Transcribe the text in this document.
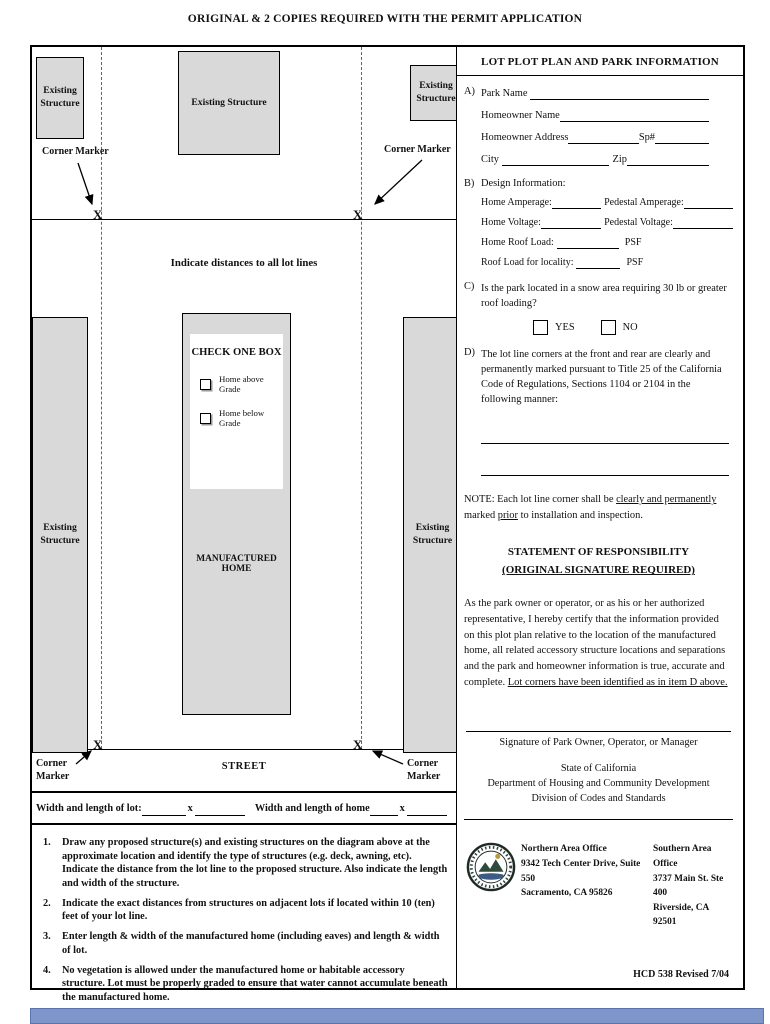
ORIGINAL & 2 COPIES REQUIRED WITH THE PERMIT APPLICATION
Existing Structure	Existing Structure
Existing Structure
Existing Structure
Existing Structure
Corner Marker	Corner Marker
X	X
X	X
Indicate distances to all lot lines
CHECK ONE BOX
Home above Grade
Home below Grade
MANUFACTURED HOME
Corner
Marker
Corner
Marker
STREET
Width and length of lot:	x	Width and length of home	x
1.	Draw any proposed structure(s) and existing structures on the diagram above at the approximate location and identify the type of structures (e.g. deck, awning, etc). Indicate the distance from the lot line to the proposed structure. Also indicate the length and width of the structure.
2.	Indicate the exact distances from structures on adjacent lots if located within 10 (ten) feet of your lot line.
3.	Enter length & width of the manufactured home (including eaves) and length & width of lot.
4.	No vegetation is allowed under the manufactured home or habitable accessory structure. Lot must be properly graded to ensure that water cannot accumulate beneath the manufactured home.
LOT PLOT PLAN AND PARK INFORMATION
A) Park Name
Homeowner Name
Homeowner Address	Sp#
City	Zip
B) Design Information:
Home Amperage:	Pedestal Amperage:
Home Voltage:	Pedestal Voltage:
Home Roof Load:	PSF
Roof Load for locality:	PSF
C) Is the park located in a snow area requiring 30 lb or greater roof loading?
YES	NO
D) The lot line corners at the front and rear are clearly and permanently marked pursuant to Title 25 of the California Code of Regulations, Sections 1104 or 2104 in the following manner:
NOTE: Each lot line corner shall be clearly and permanently marked prior to installation and inspection.
STATEMENT OF RESPONSIBILITY
(ORIGINAL SIGNATURE REQUIRED)
As the park owner or operator, or as his or her authorized representative, I hereby certify that the information provided on this plot plan relative to the location of the manufactured home, all related accessory structure locations and separations and the park and homeowner information is true, accurate and complete. Lot corners have been identified as in item D above.
Signature of Park Owner, Operator, or Manager
State of California
Department of Housing and Community Development
Division of Codes and Standards
Northern Area Office
9342 Tech Center Drive, Suite 550
Sacramento, CA 95826
Southern Area Office
3737 Main St. Ste 400
Riverside, CA 92501
HCD 538 Revised 7/04
